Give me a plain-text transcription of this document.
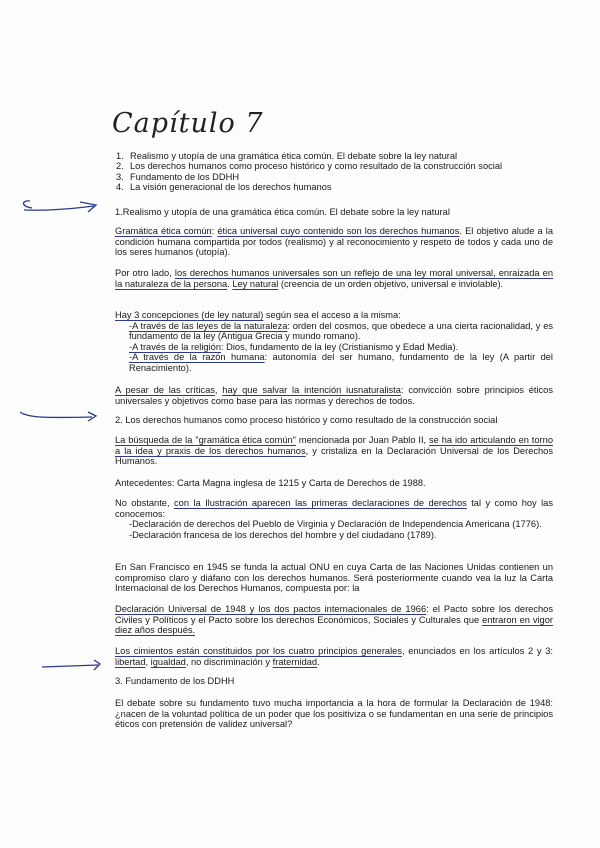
Capítulo 7
1. Realismo y utopía de una gramática ética común. El debate sobre la ley natural
2. Los derechos humanos como proceso histórico y como resultado de la construcción social
3. Fundamento de los DDHH
4. La visión generacional de los derechos humanos
1.Realismo y utopía de una gramática ética común. El debate sobre la ley natural
Gramática ética común: ética universal cuyo contenido son los derechos humanos. El objetivo alude a la condición humana compartida por todos (realismo) y al reconocimiento y respeto de todos y cada uno de los seres humanos (utopía).
Por otro lado, los derechos humanos universales son un reflejo de una ley moral universal, enraizada en la naturaleza de la persona. Ley natural (creencia de un orden objetivo, universal e inviolable).
Hay 3 concepciones (de ley natural) según sea el acceso a la misma:
-A través de las leyes de la naturaleza: orden del cosmos, que obedece a una cierta racionalidad, y es fundamento de la ley (Antigua Grecia y mundo romano).
-A través de la religión: Dios, fundamento de la ley (Cristianismo y Edad Media).
-A través de la razón humana: autonomía del ser humano, fundamento de la ley (A partir del Renacimiento).
A pesar de las críticas, hay que salvar la intención iusnaturalista: convicción sobre principios éticos universales y objetivos como base para las normas y derechos de todos.
2. Los derechos humanos como proceso histórico y como resultado de la construcción social
La búsqueda de la "gramática ética común" mencionada por Juan Pablo II, se ha ido articulando en torno a la idea y praxis de los derechos humanos, y cristaliza en la Declaración Universal de los Derechos Humanos.
Antecedentes: Carta Magna inglesa de 1215 y Carta de Derechos de 1988.
No obstante, con la Ilustración aparecen las primeras declaraciones de derechos tal y como hoy las conocemos:
-Declaración de derechos del Pueblo de Virginia y Declaración de Independencia Americana (1776).
-Declaración francesa de los derechos del hombre y del ciudadano (1789).
En San Francisco en 1945 se funda la actual ONU en cuya Carta de las Naciones Unidas contienen un compromiso claro y diáfano con los derechos humanos. Será posteriormente cuando vea la luz la Carta Internacional de los Derechos Humanos, compuesta por: la
Declaración Universal de 1948 y los dos pactos internacionales de 1966: el Pacto sobre los derechos Civiles y Políticos y el Pacto sobre los derechos Económicos, Sociales y Culturales que entraron en vigor diez años después.
Los cimientos están constituidos por los cuatro principios generales, enunciados en los artículos 2 y 3: libertad, igualdad, no discriminación y fraternidad.
3. Fundamento de los DDHH
El debate sobre su fundamento tuvo mucha importancia a la hora de formular la Declaración de 1948: ¿nacen de la voluntad política de un poder que los positiviza o se fundamentan en una serie de principios éticos con pretensión de validez universal?
